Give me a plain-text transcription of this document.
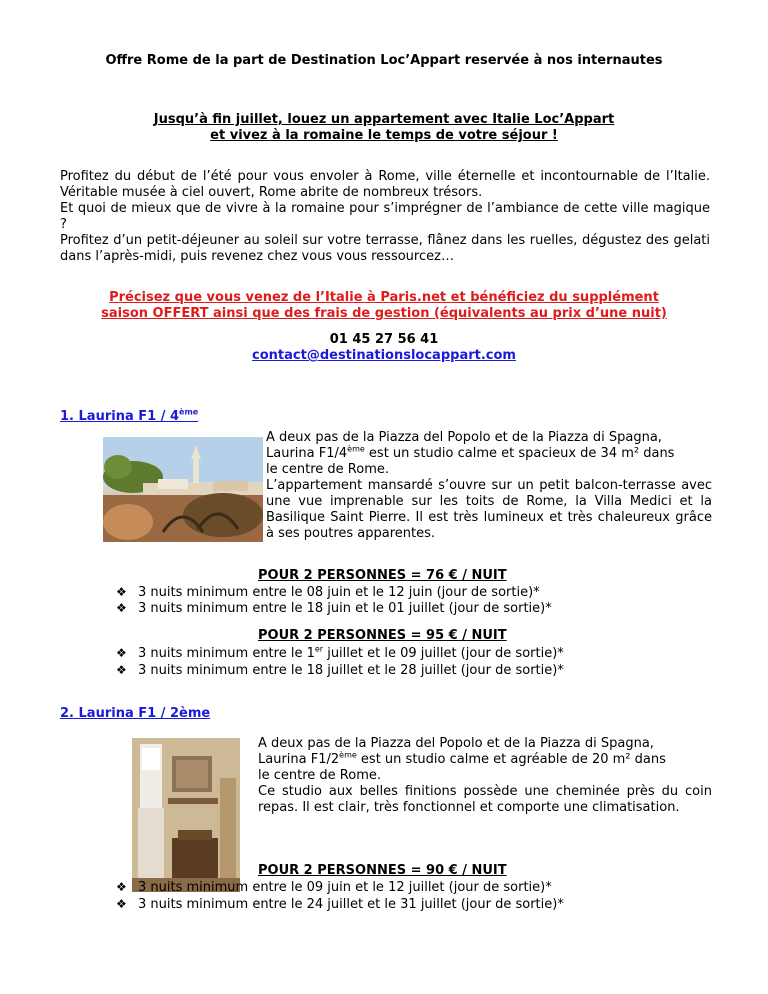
Offre Rome de la part de Destination Loc’Appart reservée à nos internautes
Jusqu’à fin juillet, louez un appartement avec Italie Loc’Appart
et vivez à la romaine le temps de votre séjour !
Profitez du début de l’été pour vous envoler à Rome, ville éternelle et incontournable de l’Italie. Véritable musée à ciel ouvert, Rome abrite de nombreux trésors.
Et quoi de mieux que de vivre à la romaine pour s’imprégner de l’ambiance de cette ville magique ?
Profitez d’un petit-déjeuner au soleil sur votre terrasse, flânez dans les ruelles, dégustez des gelati dans l’après-midi, puis revenez chez vous vous ressourcez…
Précisez que vous venez de l’Italie à Paris.net et bénéficiez du supplément
saison OFFERT ainsi que des frais de gestion (équivalents au prix d’une nuit)
01 45 27 56 41
contact@destinationslocappart.com
1. Laurina F1 / 4ème
A deux pas de la Piazza del Popolo et de la Piazza di Spagna,
Laurina F1/4ème est un studio calme et spacieux de 34 m² dans
le centre de Rome.
L’appartement mansardé s’ouvre sur un petit balcon-terrasse avec une vue imprenable sur les toits de Rome, la Villa Medici et la Basilique Saint Pierre. Il est très lumineux et très chaleureux grâce à ses poutres apparentes.
POUR 2 PERSONNES = 76 € / NUIT
❖ 3 nuits minimum entre le 08 juin et le 12 juin (jour de sortie)*
❖ 3 nuits minimum entre le 18 juin et le 01 juillet (jour de sortie)*
POUR 2 PERSONNES = 95 € / NUIT
❖ 3 nuits minimum entre le 1er juillet et le 09 juillet (jour de sortie)*
❖ 3 nuits minimum entre le 18 juillet et le 28 juillet (jour de sortie)*
2. Laurina F1 / 2ème
A deux pas de la Piazza del Popolo et de la Piazza di Spagna,
Laurina F1/2ème est un studio calme et agréable de 20 m² dans
le centre de Rome.
Ce studio aux belles finitions possède une cheminée près du coin repas. Il est clair, très fonctionnel et comporte une climatisation.
POUR 2 PERSONNES = 90 € / NUIT
❖ 3 nuits minimum entre le 09 juin et le 12 juillet (jour de sortie)*
❖ 3 nuits minimum entre le 24 juillet et le 31 juillet (jour de sortie)*
